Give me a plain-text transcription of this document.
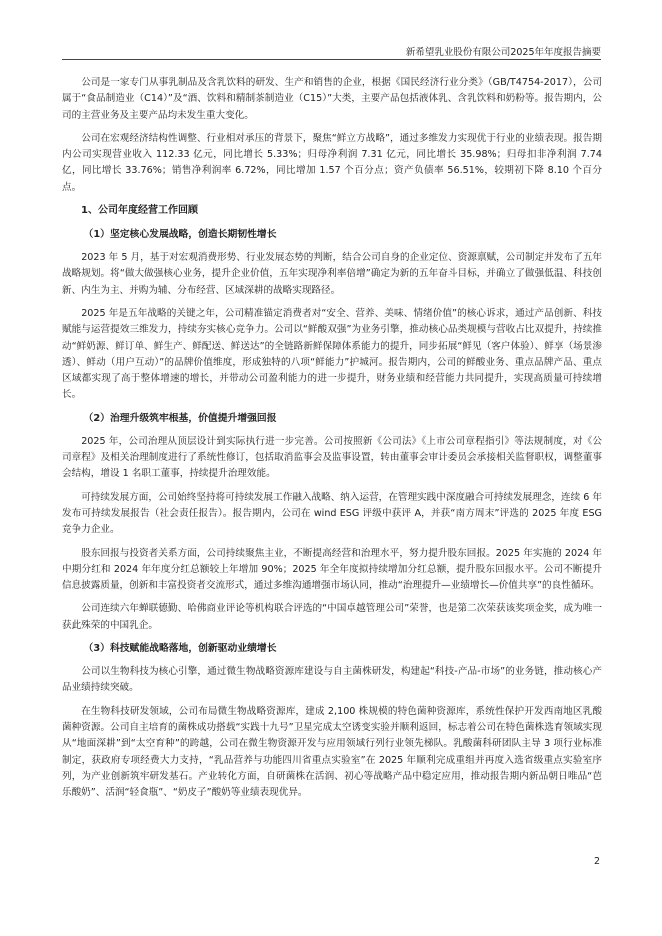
新希望乳业股份有限公司2025年年度报告摘要

公司是一家专门从事乳制品及含乳饮料的研发、生产和销售的企业，根据《国民经济行业分类》（GB/T4754-2017），公司属于“食品制造业（C14）”及“酒、饮料和精制茶制造业（C15）”大类，主要产品包括液体乳、含乳饮料和奶粉等。报告期内，公司的主营业务及主要产品均未发生重大变化。

公司在宏观经济结构性调整、行业相对承压的背景下，聚焦“鲜立方战略”，通过多维发力实现优于行业的业绩表现。报告期内公司实现营业收入 112.33 亿元，同比增长 5.33%；归母净利润 7.31 亿元，同比增长 35.98%；归母扣非净利润 7.74 亿，同比增长 33.76%；销售净利润率 6.72%，同比增加 1.57 个百分点；资产负债率 56.51%，较期初下降 8.10 个百分点。

1、公司年度经营工作回顾
（1）坚定核心发展战略，创造长期韧性增长

2023 年 5 月，基于对宏观消费形势、行业发展态势的判断，结合公司自身的企业定位、资源禀赋，公司制定并发布了五年战略规划。将“做大做强核心业务，提升企业价值，五年实现净利率倍增”确定为新的五年奋斗目标，并确立了做强低温、科技创新、内生为主、并购为辅、分布经营、区域深耕的战略实现路径。

2025 年是五年战略的关键之年，公司精准锚定消费者对“安全、营养、美味、情绪价值”的核心诉求，通过产品创新、科技赋能与运营提效三维发力，持续夯实核心竞争力。公司以“鲜酸双强”为业务引擎，推动核心品类规模与营收占比双提升，持续推动“鲜奶源、鲜订单、鲜生产、鲜配送、鲜送达”的全链路新鲜保障体系能力的提升，同步拓展“鲜见（客户体验）、鲜享（场景渗透）、鲜动（用户互动）”的品牌价值维度，形成独特的八项“鲜能力”护城河。报告期内，公司的鲜酸业务、重点品牌产品、重点区域都实现了高于整体增速的增长，并带动公司盈利能力的进一步提升，财务业绩和经营能力共同提升，实现高质量可持续增长。

（2）治理升级筑牢根基，价值提升增强回报

2025 年，公司治理从顶层设计到实际执行进一步完善。公司按照新《公司法》《上市公司章程指引》等法规制度，对《公司章程》及相关治理制度进行了系统性修订，包括取消监事会及监事设置，转由董事会审计委员会承接相关监督职权，调整董事会结构，增设 1 名职工董事，持续提升治理效能。

可持续发展方面，公司始终坚持将可持续发展工作融入战略、纳入运营，在管理实践中深度融合可持续发展理念，连续 6 年发布可持续发展报告（社会责任报告）。报告期内，公司在 wind ESG 评级中获评 A，并获“南方周末”评选的 2025 年度 ESG 竞争力企业。

股东回报与投资者关系方面，公司持续聚焦主业，不断提高经营和治理水平，努力提升股东回报。2025 年实施的 2024 年中期分红和 2024 年年度分红总额较上年增加 90%；2025 年全年度拟持续增加分红总额，提升股东回报水平。公司不断提升信息披露质量，创新和丰富投资者交流形式，通过多维沟通增强市场认同，推动“治理提升—业绩增长—价值共享”的良性循环。

公司连续六年蝉联德勤、哈佛商业评论等机构联合评选的“中国卓越管理公司”荣誉，也是第二次荣获该奖项金奖，成为唯一获此殊荣的中国乳企。

（3）科技赋能战略落地，创新驱动业绩增长

公司以生物科技为核心引擎，通过微生物战略资源库建设与自主菌株研发，构建起“科技-产品-市场”的业务链，推动核心产品业绩持续突破。

在生物科技研发领域，公司布局微生物战略资源库，建成 2,100 株规模的特色菌种资源库，系统性保护开发西南地区乳酸菌种资源。公司自主培育的菌株成功搭载“实践十九号”卫星完成太空诱变实验并顺利返回，标志着公司在特色菌株选育领域实现从“地面深耕”到“太空育种”的跨越，公司在微生物资源开发与应用领域行列行业领先梯队。乳酸菌科研团队主导 3 项行业标准制定，获政府专项经费大力支持，“乳品营养与功能四川省重点实验室”在 2025 年顺利完成重组并再度入选省级重点实验室序列，为产业创新筑牢研发基石。产业转化方面，自研菌株在活润、初心等战略产品中稳定应用，推动报告期内新品朝日唯品“芭乐酸奶”、活润“轻食瓶”、“奶皮子”酸奶等业绩表现优异。

2
